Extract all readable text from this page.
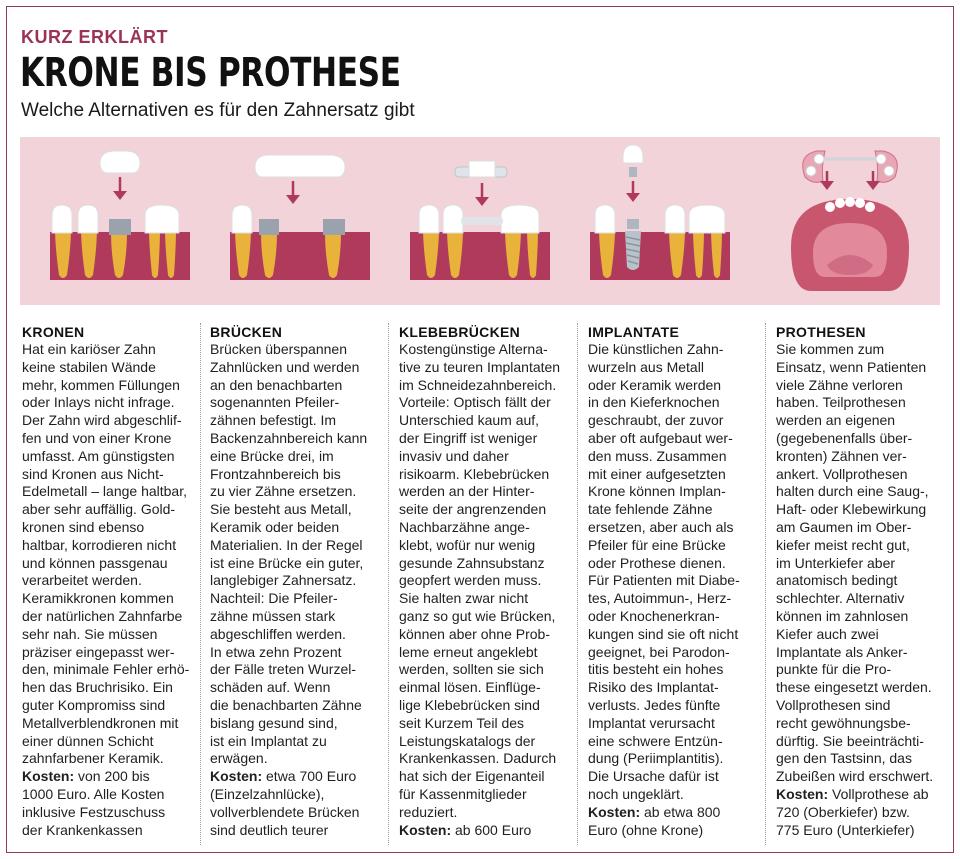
KURZ ERKLÄRT
KRONE BIS PROTHESE
Welche Alternativen es für den Zahnersatz gibt
KRONEN

Hat ein kariöser Zahn
keine stabilen Wände
mehr, kommen Füllungen
oder Inlays nicht infrage.
Der Zahn wird abgeschlif-
fen und von einer Krone
umfasst. Am günstigsten
sind Kronen aus Nicht-
Edelmetall – lange haltbar,
aber sehr auffällig. Gold-
kronen sind ebenso
haltbar, korrodieren nicht
und können passgenau
verarbeitet werden.
Keramikkronen kommen
der natürlichen Zahnfarbe
sehr nah. Sie müssen
präziser eingepasst wer-
den, minimale Fehler erhö-
hen das Bruchrisiko. Ein
guter Kompromiss sind
Metallverblendkronen mit
einer dünnen Schicht
zahnfarbener Keramik.

Kosten: von 200 bis
1000 Euro. Alle Kosten
inklusive Festzuschuss
der Krankenkassen

BRÜCKEN

Brücken überspannen
Zahnlücken und werden
an den benachbarten
sogenannten Pfeiler-
zähnen befestigt. Im
Backenzahnbereich kann
eine Brücke drei, im
Frontzahnbereich bis
zu vier Zähne ersetzen.
Sie besteht aus Metall,
Keramik oder beiden
Materialien. In der Regel
ist eine Brücke ein guter,
langlebiger Zahnersatz.
Nachteil: Die Pfeiler-
zähne müssen stark
abgeschliffen werden.
In etwa zehn Prozent
der Fälle treten Wurzel-
schäden auf. Wenn
die benachbarten Zähne
bislang gesund sind,
ist ein Implantat zu
erwägen.

Kosten: etwa 700 Euro
(Einzelzahnlücke),
vollverblendete Brücken
sind deutlich teurer

KLEBEBRÜCKEN

Kostengünstige Alterna-
tive zu teuren Implantaten
im Schneidezahnbereich.
Vorteile: Optisch fällt der
Unterschied kaum auf,
der Eingriff ist weniger
invasiv und daher
risikoarm. Klebebrücken
werden an der Hinter-
seite der angrenzenden
Nachbarzähne ange-
klebt, wofür nur wenig
gesunde Zahnsubstanz
geopfert werden muss.
Sie halten zwar nicht
ganz so gut wie Brücken,
können aber ohne Prob-
leme erneut angeklebt
werden, sollten sie sich
einmal lösen. Einflüge-
lige Klebebrücken sind
seit Kurzem Teil des
Leistungskatalogs der
Krankenkassen. Dadurch
hat sich der Eigenanteil
für Kassenmitglieder
reduziert.

Kosten: ab 600 Euro

IMPLANTATE

Die künstlichen Zahn-
wurzeln aus Metall
oder Keramik werden
in den Kieferknochen
geschraubt, der zuvor
aber oft aufgebaut wer-
den muss. Zusammen
mit einer aufgesetzten
Krone können Implan-
tate fehlende Zähne
ersetzen, aber auch als
Pfeiler für eine Brücke
oder Prothese dienen.
Für Patienten mit Diabe-
tes, Autoimmun-, Herz-
oder Knochenerkran-
kungen sind sie oft nicht
geeignet, bei Parodon-
titis besteht ein hohes
Risiko des Implantat-
verlusts. Jedes fünfte
Implantat verursacht
eine schwere Entzün-
dung (Periimplantitis).
Die Ursache dafür ist
noch ungeklärt.

Kosten: ab etwa 800
Euro (ohne Krone)

PROTHESEN

Sie kommen zum
Einsatz, wenn Patienten
viele Zähne verloren
haben. Teilprothesen
werden an eigenen
(gegebenenfalls über-
kronten) Zähnen ver-
ankert. Vollprothesen
halten durch eine Saug-,
Haft- oder Klebewirkung
am Gaumen im Ober-
kiefer meist recht gut,
im Unterkiefer aber
anatomisch bedingt
schlechter. Alternativ
können im zahnlosen
Kiefer auch zwei
Implantate als Anker-
punkte für die Pro-
these eingesetzt werden.
Vollprothesen sind
recht gewöhnungsbe-
dürftig. Sie beeinträchti-
gen den Tastsinn, das
Zubeißen wird erschwert.

Kosten: Vollprothese ab
720 (Oberkiefer) bzw.
775 Euro (Unterkiefer)
